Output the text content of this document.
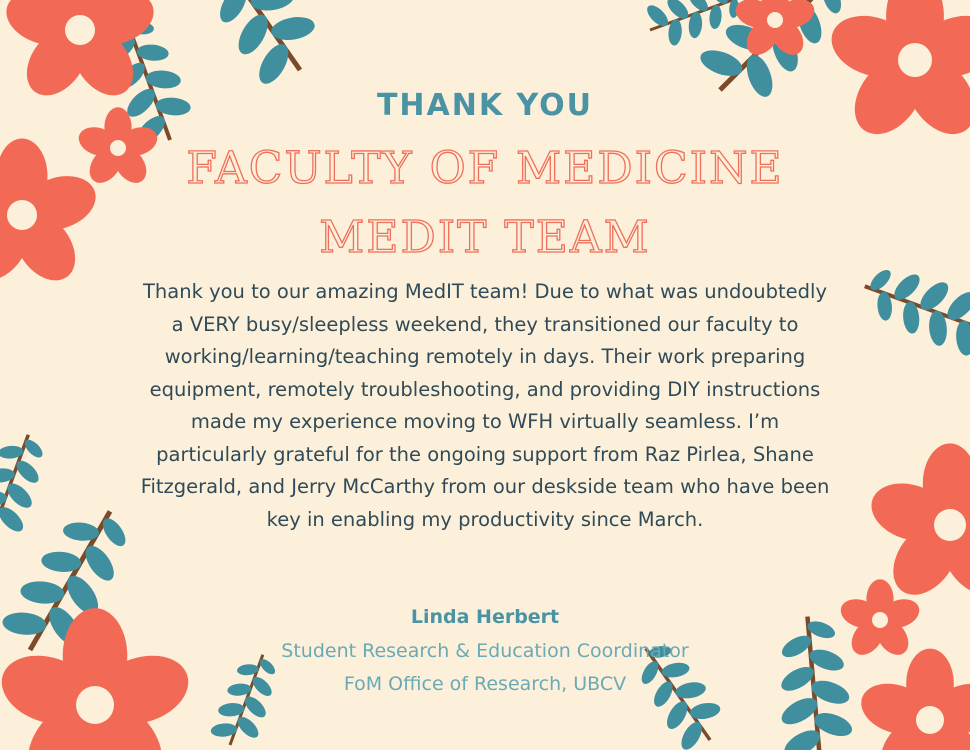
THANK YOU
FACULTY OF MEDICINE
MEDIT TEAM

Thank you to our amazing MedIT team! Due to what was undoubtedly a VERY busy/sleepless weekend, they transitioned our faculty to working/learning/teaching remotely in days. Their work preparing equipment, remotely troubleshooting, and providing DIY instructions made my experience moving to WFH virtually seamless. I’m particularly grateful for the ongoing support from Raz Pirlea, Shane Fitzgerald, and Jerry McCarthy from our deskside team who have been key in enabling my productivity since March.

Linda Herbert
Student Research & Education Coordinator
FoM Office of Research, UBCV
